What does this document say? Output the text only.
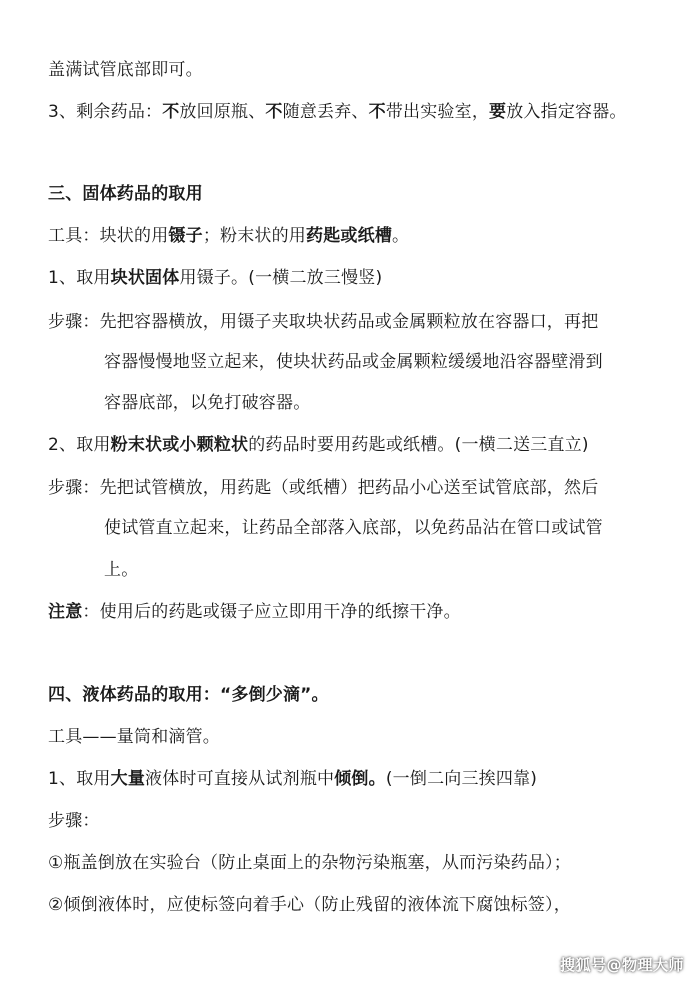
盖满试管底部即可。
3、剩余药品：不放回原瓶、不随意丢弃、不带出实验室，要放入指定容器。
三、固体药品的取用
工具：块状的用镊子；粉末状的用药匙或纸槽。
1、取用块状固体用镊子。(一横二放三慢竖)
步骤：先把容器横放，用镊子夹取块状药品或金属颗粒放在容器口，再把
容器慢慢地竖立起来，使块状药品或金属颗粒缓缓地沿容器壁滑到
容器底部，以免打破容器。
2、取用粉末状或小颗粒状的药品时要用药匙或纸槽。(一横二送三直立)
步骤：先把试管横放，用药匙（或纸槽）把药品小心送至试管底部，然后
使试管直立起来，让药品全部落入底部，以免药品沾在管口或试管
上。
注意：使用后的药匙或镊子应立即用干净的纸擦干净。
四、液体药品的取用：“多倒少滴”。
工具——量筒和滴管。
1、取用大量液体时可直接从试剂瓶中倾倒。(一倒二向三挨四靠)
步骤：
①瓶盖倒放在实验台（防止桌面上的杂物污染瓶塞，从而污染药品）；
②倾倒液体时，应使标签向着手心（防止残留的液体流下腐蚀标签），
搜狐号@物理大师
